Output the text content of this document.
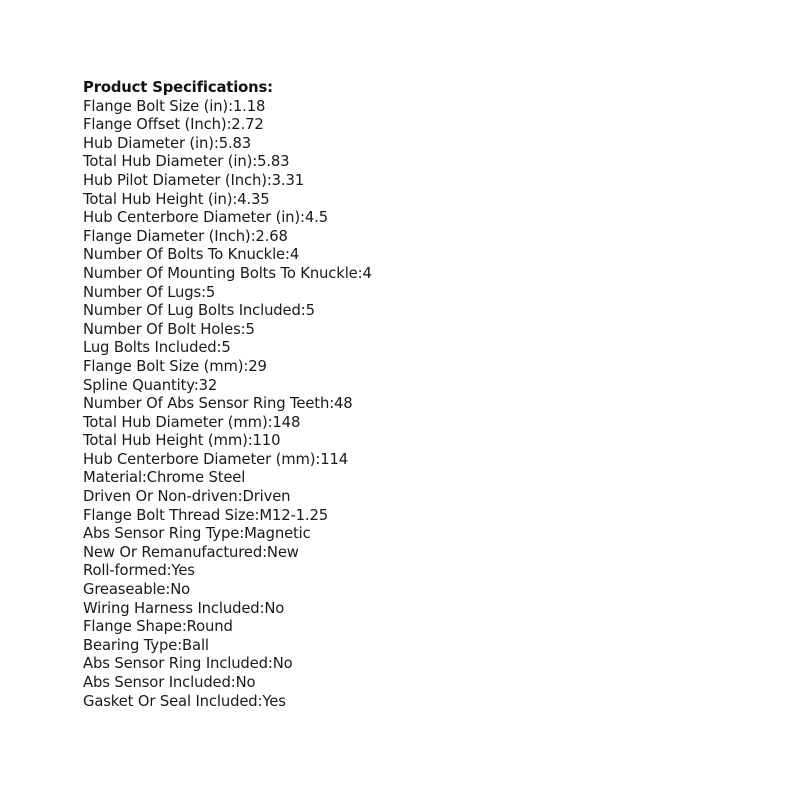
Product Specifications:
Flange Bolt Size (in):1.18
Flange Offset (Inch):2.72
Hub Diameter (in):5.83
Total Hub Diameter (in):5.83
Hub Pilot Diameter (Inch):3.31
Total Hub Height (in):4.35
Hub Centerbore Diameter (in):4.5
Flange Diameter (Inch):2.68
Number Of Bolts To Knuckle:4
Number Of Mounting Bolts To Knuckle:4
Number Of Lugs:5
Number Of Lug Bolts Included:5
Number Of Bolt Holes:5
Lug Bolts Included:5
Flange Bolt Size (mm):29
Spline Quantity:32
Number Of Abs Sensor Ring Teeth:48
Total Hub Diameter (mm):148
Total Hub Height (mm):110
Hub Centerbore Diameter (mm):114
Material:Chrome Steel
Driven Or Non-driven:Driven
Flange Bolt Thread Size:M12-1.25
Abs Sensor Ring Type:Magnetic
New Or Remanufactured:New
Roll-formed:Yes
Greaseable:No
Wiring Harness Included:No
Flange Shape:Round
Bearing Type:Ball
Abs Sensor Ring Included:No
Abs Sensor Included:No
Gasket Or Seal Included:Yes
